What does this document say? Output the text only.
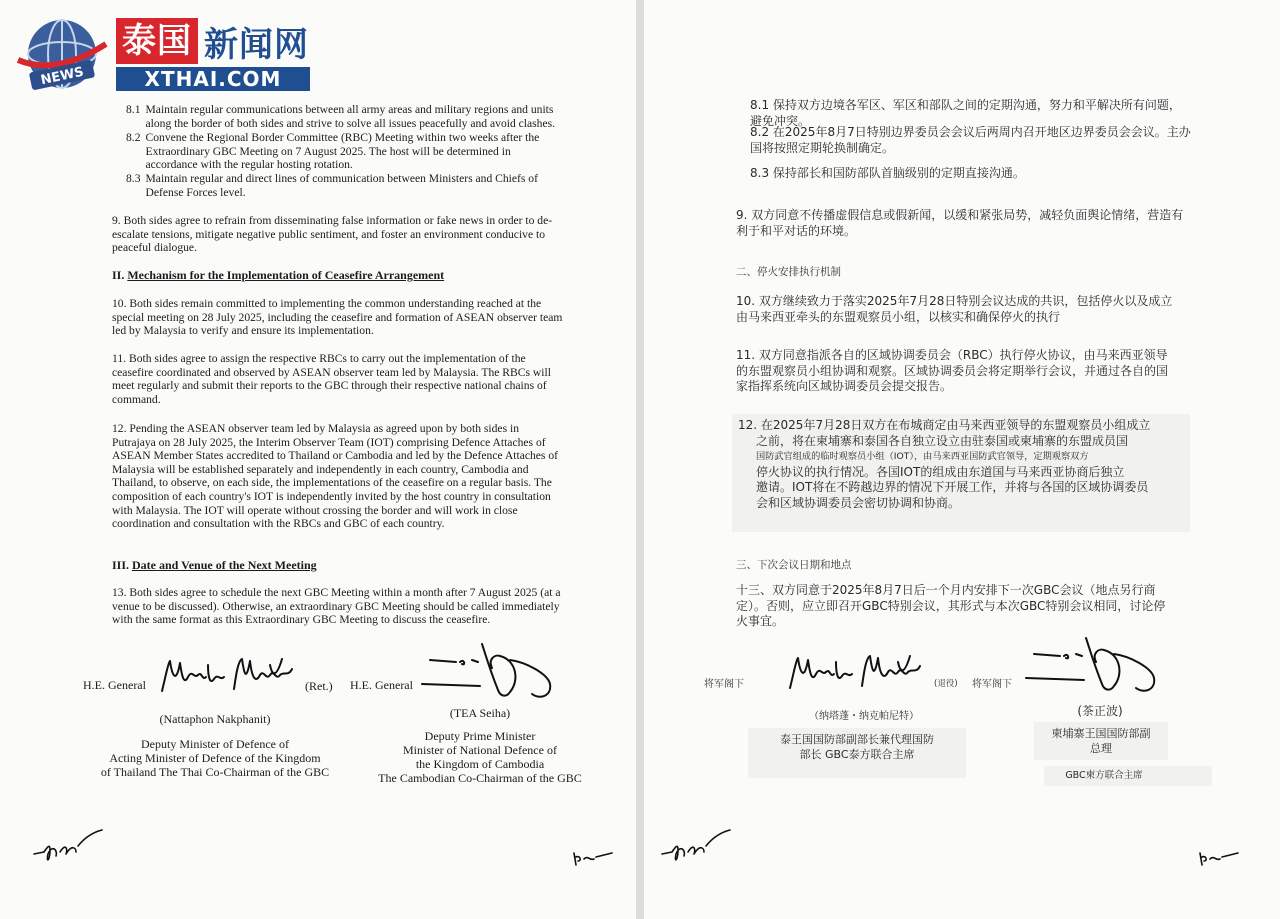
NEWS
泰国 新闻网
XTHAI.COM
8.1 Maintain regular communications between all army areas and military regions and units along the border of both sides and strive to solve all issues peacefully and avoid clashes.
8.2 Convene the Regional Border Committee (RBC) Meeting within two weeks after the Extraordinary GBC Meeting on 7 August 2025. The host will be determined in accordance with the regular hosting rotation.
8.3 Maintain regular and direct lines of communication between Ministers and Chiefs of Defense Forces level.
9. Both sides agree to refrain from disseminating false information or fake news in order to de-escalate tensions, mitigate negative public sentiment, and foster an environment conducive to peaceful dialogue.
II. Mechanism for the Implementation of Ceasefire Arrangement
10. Both sides remain committed to implementing the common understanding reached at the special meeting on 28 July 2025, including the ceasefire and formation of ASEAN observer team led by Malaysia to verify and ensure its implementation.
11. Both sides agree to assign the respective RBCs to carry out the implementation of the ceasefire coordinated and observed by ASEAN observer team led by Malaysia. The RBCs will meet regularly and submit their reports to the GBC through their respective national chains of command.
12. Pending the ASEAN observer team led by Malaysia as agreed upon by both sides in Putrajaya on 28 July 2025, the Interim Observer Team (IOT) comprising Defence Attaches of ASEAN Member States accredited to Thailand or Cambodia and led by the Defence Attaches of Malaysia will be established separately and independently in each country, Cambodia and Thailand, to observe, on each side, the implementations of the ceasefire on a regular basis. The composition of each country's IOT is independently invited by the host country in consultation with Malaysia. The IOT will operate without crossing the border and will work in close coordination and consultation with the RBCs and GBC of each country.
III. Date and Venue of the Next Meeting
13. Both sides agree to schedule the next GBC Meeting within a month after 7 August 2025 (at a venue to be discussed). Otherwise, an extraordinary GBC Meeting should be called immediately with the same format as this Extraordinary GBC Meeting to discuss the ceasefire.
H.E. General	(Ret.)
(Nattaphon Nakphanit)
Deputy Minister of Defence of
Acting Minister of Defence of the Kingdom
of Thailand The Thai Co-Chairman of the GBC
H.E. General
(TEA Seiha)
Deputy Prime Minister
Minister of National Defence of
the Kingdom of Cambodia
The Cambodian Co-Chairman of the GBC
8.1 保持双方边境各军区、军区和部队之间的定期沟通，努力和平解决所有问题，避免冲突。
8.2 在2025年8月7日特别边界委员会会议后两周内召开地区边界委员会会议。主办国将按照定期轮换制确定。
8.3 保持部长和国防部队首脑级别的定期直接沟通。
9. 双方同意不传播虚假信息或假新闻，以缓和紧张局势，减轻负面舆论情绪，营造有利于和平对话的环境。
二、停火安排执行机制
10. 双方继续致力于落实2025年7月28日特别会议达成的共识，包括停火以及成立由马来西亚牵头的东盟观察员小组，以核实和确保停火的执行
11. 双方同意指派各自的区域协调委员会（RBC）执行停火协议，由马来西亚领导的东盟观察员小组协调和观察。区域协调委员会将定期举行会议，并通过各自的国家指挥系统向区域协调委员会提交报告。
12. 在2025年7月28日双方在布城商定由马来西亚领导的东盟观察员小组成立
之前，将在柬埔寨和泰国各自独立设立由驻泰国或柬埔寨的东盟成员国
国防武官组成的临时观察员小组（IOT），由马来西亚国防武官领导，定期观察双方
停火协议的执行情况。各国IOT的组成由东道国与马来西亚协商后独立
邀请。IOT将在不跨越边界的情况下开展工作，并将与各国的区域协调委员
会和区域协调委员会密切协调和协商。
三、下次会议日期和地点
十三、双方同意于2025年8月7日后一个月内安排下一次GBC会议（地点另行商定）。否则，应立即召开GBC特别会议，其形式与本次GBC特别会议相同，讨论停火事宜。
将军阁下	(退役)
（纳塔蓬・纳克帕尼特）
泰王国国防部副部长兼代理国防
部长 GBC泰方联合主席
将军阁下
(茶正波)
柬埔寨王国国防部副
总理
GBC柬方联合主席
